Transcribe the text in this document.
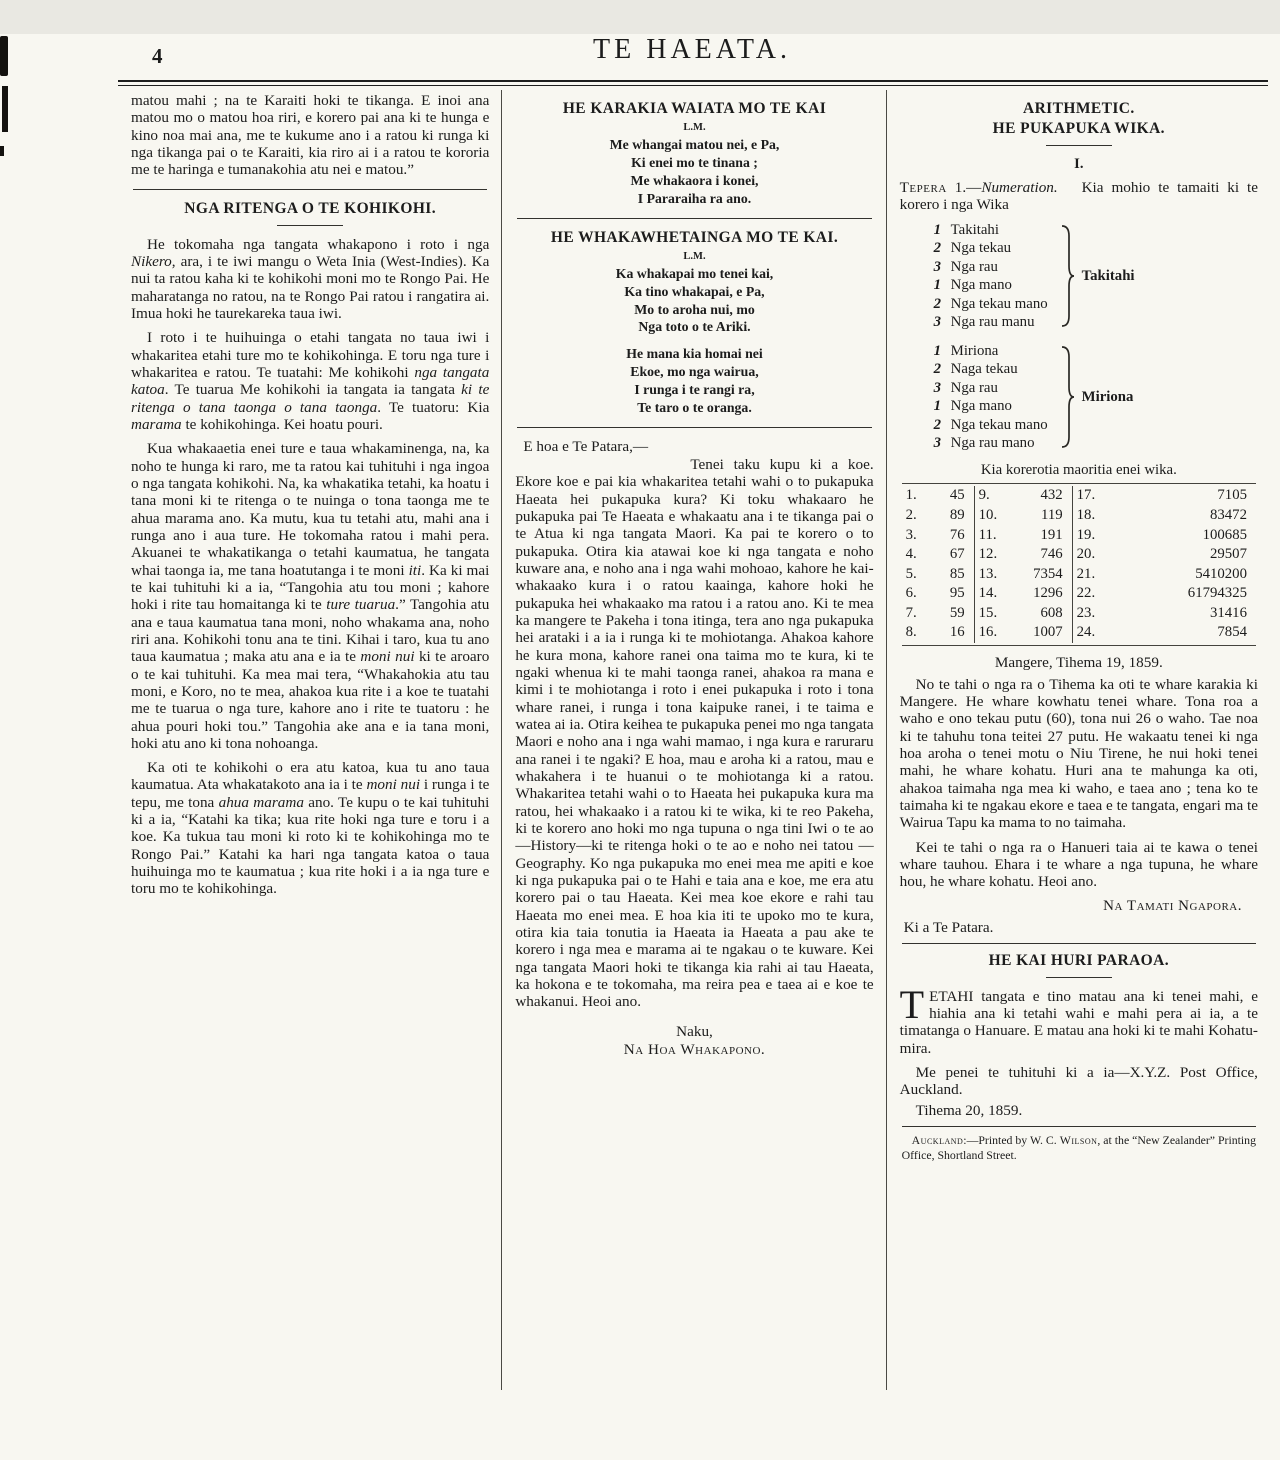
4	TE HAEATA.

matou mahi ; na te Karaiti hoki te tikanga. E inoi ana matou mo o matou hoa riri, e korero pai ana ki te hunga e kino noa mai ana, me te kukume ano i a ratou ki runga ki nga tikanga pai o te Karaiti, kia riro ai i a ratou te kororia me te haringa e tumanakohia atu nei e matou.”

NGA RITENGA O TE KOHIKOHI.

He tokomaha nga tangata whakapono i roto i nga Nikero, ara, i te iwi mangu o Weta Inia (West-Indies). Ka nui ta ratou kaha ki te kohikohi moni mo te Rongo Pai. He maharatanga no ratou, na te Rongo Pai ratou i rangatira ai. Imua hoki he taurekareka taua iwi.

I roto i te huihuinga o etahi tangata no taua iwi i whakaritea etahi ture mo te kohikohinga. E toru nga ture i whakaritea e ratou. Te tuatahi: Me kohikohi nga tangata katoa. Te tuarua Me kohikohi ia tangata ia tangata ki te ritenga o tana taonga o tana taonga. Te tuatoru: Kia marama te kohikohinga. Kei hoatu pouri.

Kua whakaaetia enei ture e taua whakaminenga, na, ka noho te hunga ki raro, me ta ratou kai tuhituhi i nga ingoa o nga tangata kohikohi. Na, ka whakatika tetahi, ka hoatu i tana moni ki te ritenga o te nuinga o tona taonga me te ahua marama ano. Ka mutu, kua tu tetahi atu, mahi ana i runga ano i aua ture. He tokomaha ratou i mahi pera. Akuanei te whakatikanga o tetahi kaumatua, he tangata whai taonga ia, me tana hoatutanga i te moni iti. Ka ki mai te kai tuhituhi ki a ia, “Tangohia atu tou moni ; kahore hoki i rite tau homaitanga ki te ture tuarua.” Tangohia atu ana e taua kaumatua tana moni, noho whakama ana, noho riri ana. Kohikohi tonu ana te tini. Kihai i taro, kua tu ano taua kaumatua ; maka atu ana e ia te moni nui ki te aroaro o te kai tuhituhi. Ka mea mai tera, “Whakahokia atu tau moni, e Koro, no te mea, ahakoa kua rite i a koe te tuatahi me te tuarua o nga ture, kahore ano i rite te tuatoru : he ahua pouri hoki tou.” Tangohia ake ana e ia tana moni, hoki atu ano ki tona nohoanga.

Ka oti te kohikohi o era atu katoa, kua tu ano taua kaumatua. Ata whakatakoto ana ia i te moni nui i runga i te tepu, me tona ahua marama ano. Te kupu o te kai tuhituhi ki a ia, “Katahi ka tika; kua rite hoki nga ture e toru i a koe. Ka tukua tau moni ki roto ki te kohikohinga mo te Rongo Pai.” Katahi ka hari nga tangata katoa o taua huihuinga mo te kaumatua ; kua rite hoki i a ia nga ture e toru mo te kohikohinga.

HE KARAKIA WAIATA MO TE KAI
L.M.
Me whangai matou nei, e Pa,
Ki enei mo te tinana ;
Me whakaora i konei,
I Pararaiha ra ano.
HE WHAKAWHETAINGA MO TE KAI.
L.M.
Ka whakapai mo tenei kai,
Ka tino whakapai, e Pa,
Mo to aroha nui, mo
Nga toto o te Ariki.
He mana kia homai nei
Ekoe, mo nga wairua,
I runga i te rangi ra,
Te taro o te oranga.

E hoa e Te Patara,—

Tenei taku kupu ki a koe. Ekore koe e pai kia whakaritea tetahi wahi o to pukapuka Haeata hei pukapuka kura? Ki toku whakaaro he pukapuka pai Te Haeata e whakaatu ana i te tikanga pai o te Atua ki nga tangata Maori. Ka pai te korero o to pukapuka. Otira kia atawai koe ki nga tangata e noho kuware ana, e noho ana i nga wahi mohoao, kahore he kai-whakaako kura i o ratou kaainga, kahore hoki he pukapuka hei whakaako ma ratou i a ratou ano. Ki te mea ka mangere te Pakeha i tona itinga, tera ano nga pukapuka hei arataki i a ia i runga ki te mohiotanga. Ahakoa kahore he kura mona, kahore ranei ona taima mo te kura, ki te ngaki whenua ki te mahi taonga ranei, ahakoa ra mana e kimi i te mohiotanga i roto i enei pukapuka i roto i tona whare ranei, i runga i tona kaipuke ranei, i te taima e watea ai ia. Otira keihea te pukapuka penei mo nga tangata Maori e noho ana i nga wahi mamao, i nga kura e raruraru ana ranei i te ngaki? E hoa, mau e aroha ki a ratou, mau e whakahera i te huanui o te mohiotanga ki a ratou. Whakaritea tetahi wahi o to Haeata hei pukapuka kura ma ratou, hei whakaako i a ratou ki te wika, ki te reo Pakeha, ki te korero ano hoki mo nga tupuna o nga tini Iwi o te ao—History—ki te ritenga hoki o te ao e noho nei tatou —Geography. Ko nga pukapuka mo enei mea me apiti e koe ki nga pukapuka pai o te Hahi e taia ana e koe, me era atu korero pai o tau Haeata. Kei mea koe ekore e rahi tau Haeata mo enei mea. E hoa kia iti te upoko mo te kura, otira kia taia tonutia ia Haeata ia Haeata a pau ake te korero i nga mea e marama ai te ngakau o te kuware. Kei nga tangata Maori hoki te tikanga kia rahi ai tau Haeata, ka hokona e te tokomaha, ma reira pea e taea ai e koe te whakanui. Heoi ano.

Naku,
Na Hoa Whakapono.
ARITHMETIC.
HE PUKAPUKA WIKA.
I.

Tepera 1.—Numeration.   Kia mohio te tamaiti ki te korero i nga Wika

1 Takitahi
2 Nga tekau
3 Nga rau
1 Nga mano
2 Nga tekau mano
3 Nga rau manu
Takitahi
1 Miriona
2 Naga tekau
3 Nga rau
1 Nga mano
2 Nga tekau mano
3 Nga rau mano
Miriona

Kia korerotia maoritia enei wika.

1.	45 9.	432 17.	7105
2.	89 10.	119 18.	83472
3.	76 11.	191 19.	100685
4.	67 12.	746 20.	29507
5.	85 13.	7354 21.	5410200
6.	95 14.	1296 22.	61794325
7.	59 15.	608 23.	31416
8.	16 16.	1007 24.	7854

Mangere, Tihema 19, 1859.

No te tahi o nga ra o Tihema ka oti te whare karakia ki Mangere. He whare kowhatu tenei whare. Tona roa a waho e ono tekau putu (60), tona nui 26 o waho. Tae noa ki te tahuhu tona teitei 27 putu. He wakaatu tenei ki nga hoa aroha o tenei motu o Niu Tirene, he nui hoki tenei mahi, he whare kohatu. Huri ana te mahunga ka oti, ahakoa taimaha nga mea ki waho, e taea ano ; tena ko te taimaha ki te ngakau ekore e taea e te tangata, engari ma te Wairua Tapu ka mama to no taimaha.

Kei te tahi o nga ra o Hanueri taia ai te kawa o tenei whare tauhou. Ehara i te whare a nga tupuna, he whare hou, he whare kohatu. Heoi ano.

Na Tamati Ngapora.
Ki a Te Patara.
HE KAI HURI PARAOA.

TETAHI tangata e tino matau ana ki tenei mahi, e hiahia ana ki tetahi wahi e mahi pera ai ia, a te timatanga o Hanuare. E matau ana hoki ki te mahi Kohatu-mira.

Me penei te tuhituhi ki a ia—X.Y.Z. Post Office, Auckland.

Tihema 20, 1859.

Auckland:—Printed by W. C. Wilson, at the “New Zealander” Printing Office, Shortland Street.
